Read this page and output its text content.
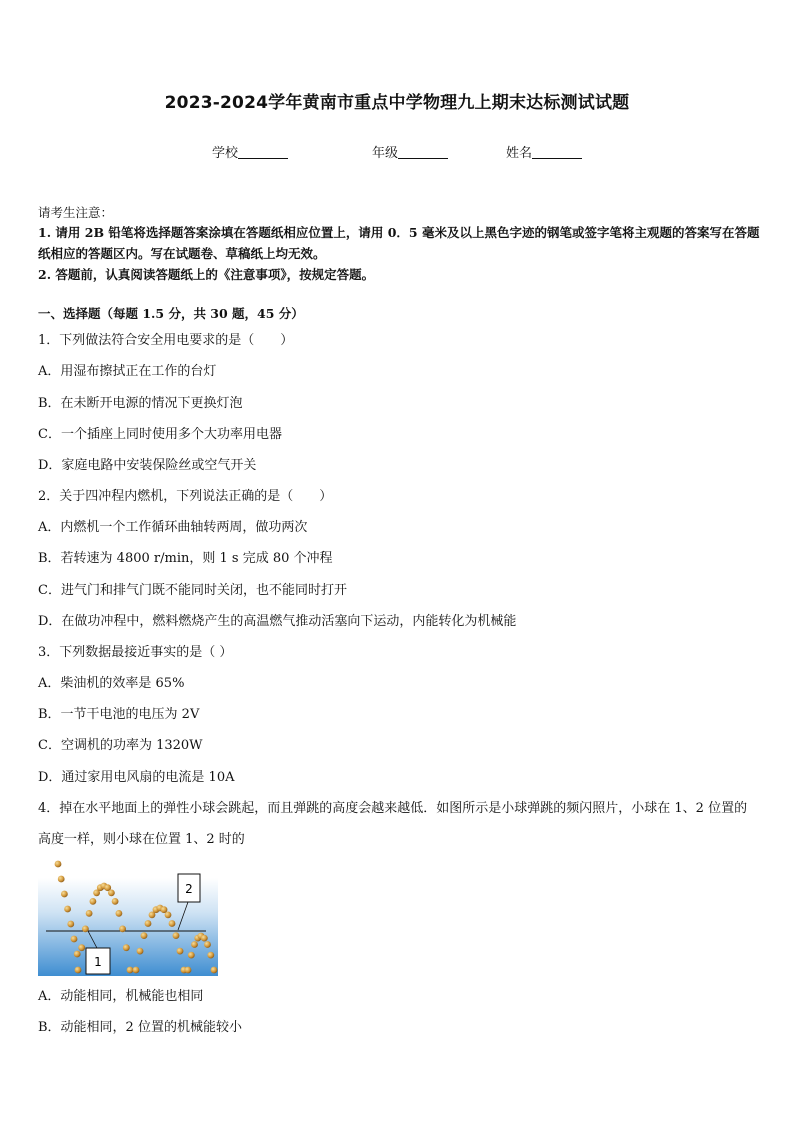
2023-2024学年黄南市重点中学物理九上期末达标测试试题
学校	年级	姓名
请考生注意：
1. 请用 2B 铅笔将选择题答案涂填在答题纸相应位置上，请用 0．5 毫米及以上黑色字迹的钢笔或签字笔将主观题的答案写在答题纸相应的答题区内。写在试题卷、草稿纸上均无效。
2. 答题前，认真阅读答题纸上的《注意事项》，按规定答题。
一、选择题（每题 1.5 分，共 30 题，45 分）
1．下列做法符合安全用电要求的是（　　）
A．用湿布擦拭正在工作的台灯
B．在未断开电源的情况下更换灯泡
C．一个插座上同时使用多个大功率用电器
D．家庭电路中安装保险丝或空气开关
2．关于四冲程内燃机，下列说法正确的是（　　）
A．内燃机一个工作循环曲轴转两周，做功两次
B．若转速为 4800 r/min，则 1 s 完成 80 个冲程
C．进气门和排气门既不能同时关闭，也不能同时打开
D．在做功冲程中，燃料燃烧产生的高温燃气推动活塞向下运动，内能转化为机械能
3．下列数据最接近事实的是（ ）
A．柴油机的效率是 65%
B．一节干电池的电压为 2V
C．空调机的功率为 1320W
D．通过家用电风扇的电流是 10A
4．掉在水平地面上的弹性小球会跳起，而且弹跳的高度会越来越低．如图所示是小球弹跳的频闪照片，小球在 1、2 位置的高度一样，则小球在位置 1、2 时的
1
2
A．动能相同，机械能也相同
B．动能相同，2 位置的机械能较小
